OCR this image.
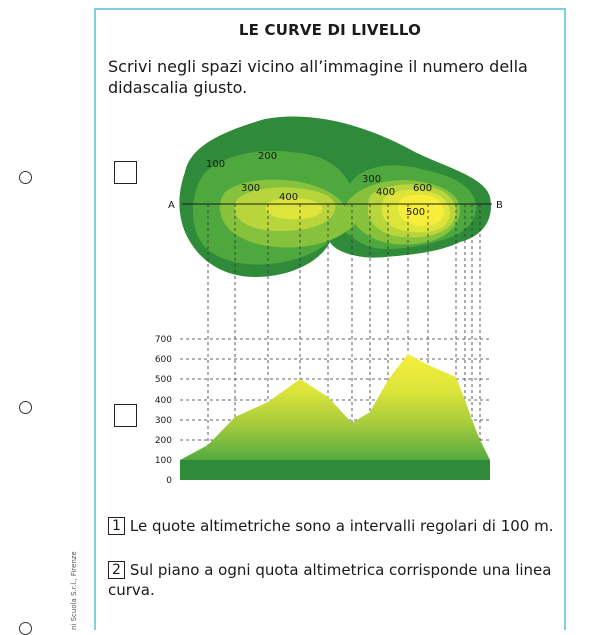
LE CURVE DI LIVELLO
Scrivi negli spazi vicino all’immagine il numero della didascalia giusto.
A	B
100
200
300
400
300
400 600
500
0
100
200
300
400
500
600
700
1 Le quote altimetriche sono a intervalli regolari di 100 m.
2 Sul piano a ogni quota altimetrica corrisponde una linea curva.
ni Scuola S.r.l., Firenze
